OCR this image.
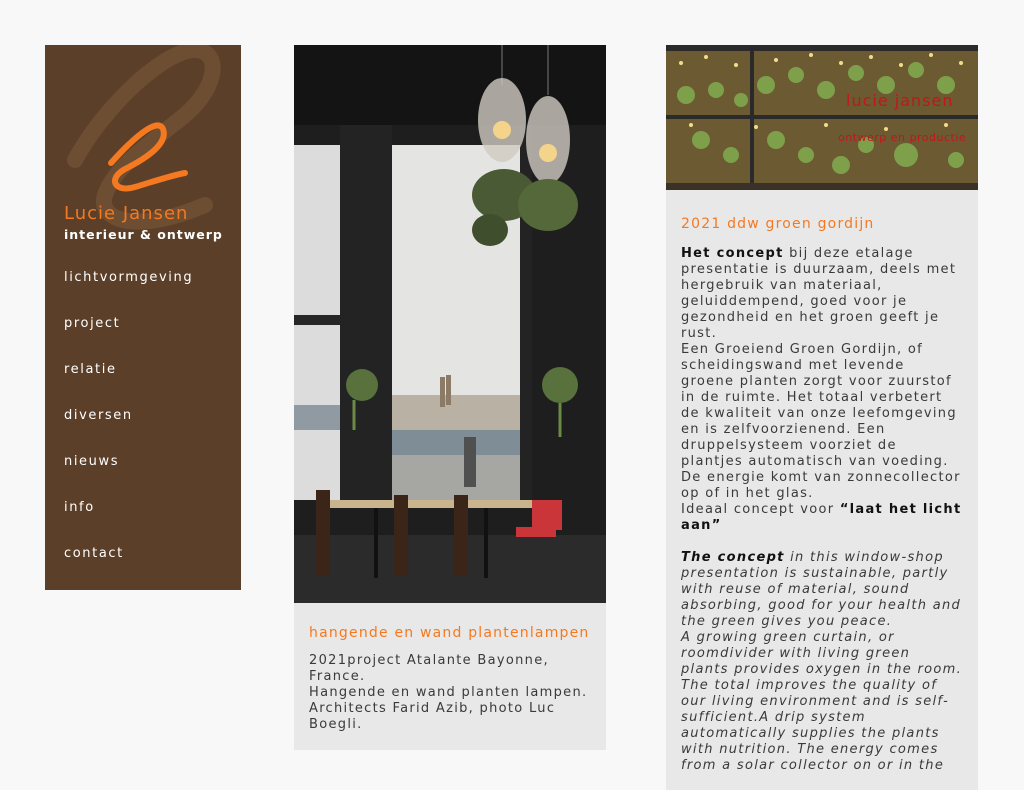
Lucie Jansen
interieur & ontwerp
lichtvormgeving
project
relatie
diversen
nieuws
info
contact
hangende en wand plantenlampen

2021project Atalante Bayonne, France.
Hangende en wand planten lampen.
Architects Farid Azib, photo Luc Boegli.

lucie jansen
ontwerp en productie
2021 ddw groen gordijn

Het concept bij deze etalage presentatie is duurzaam, deels met hergebruik van materiaal, geluiddempend, goed voor je gezondheid en het groen geeft je rust.
Een Groeiend Groen Gordijn, of scheidingswand met levende groene planten zorgt voor zuurstof in de ruimte. Het totaal verbetert de kwaliteit van onze leefomgeving en is zelfvoorzienend. Een druppelsysteem voorziet de plantjes automatisch van voeding. De energie komt van zonnecollector op of in het glas.
Ideaal concept voor “laat het licht aan”

The concept in this window-shop presentation is sustainable, partly with reuse of material, sound absorbing, good for your health and the green gives you peace.
A growing green curtain, or roomdivider with living green plants provides oxygen in the room.
The total improves the quality of our living environment and is self-sufficient.A drip system automatically supplies the plants with nutrition. The energy comes from a solar collector on or in the
